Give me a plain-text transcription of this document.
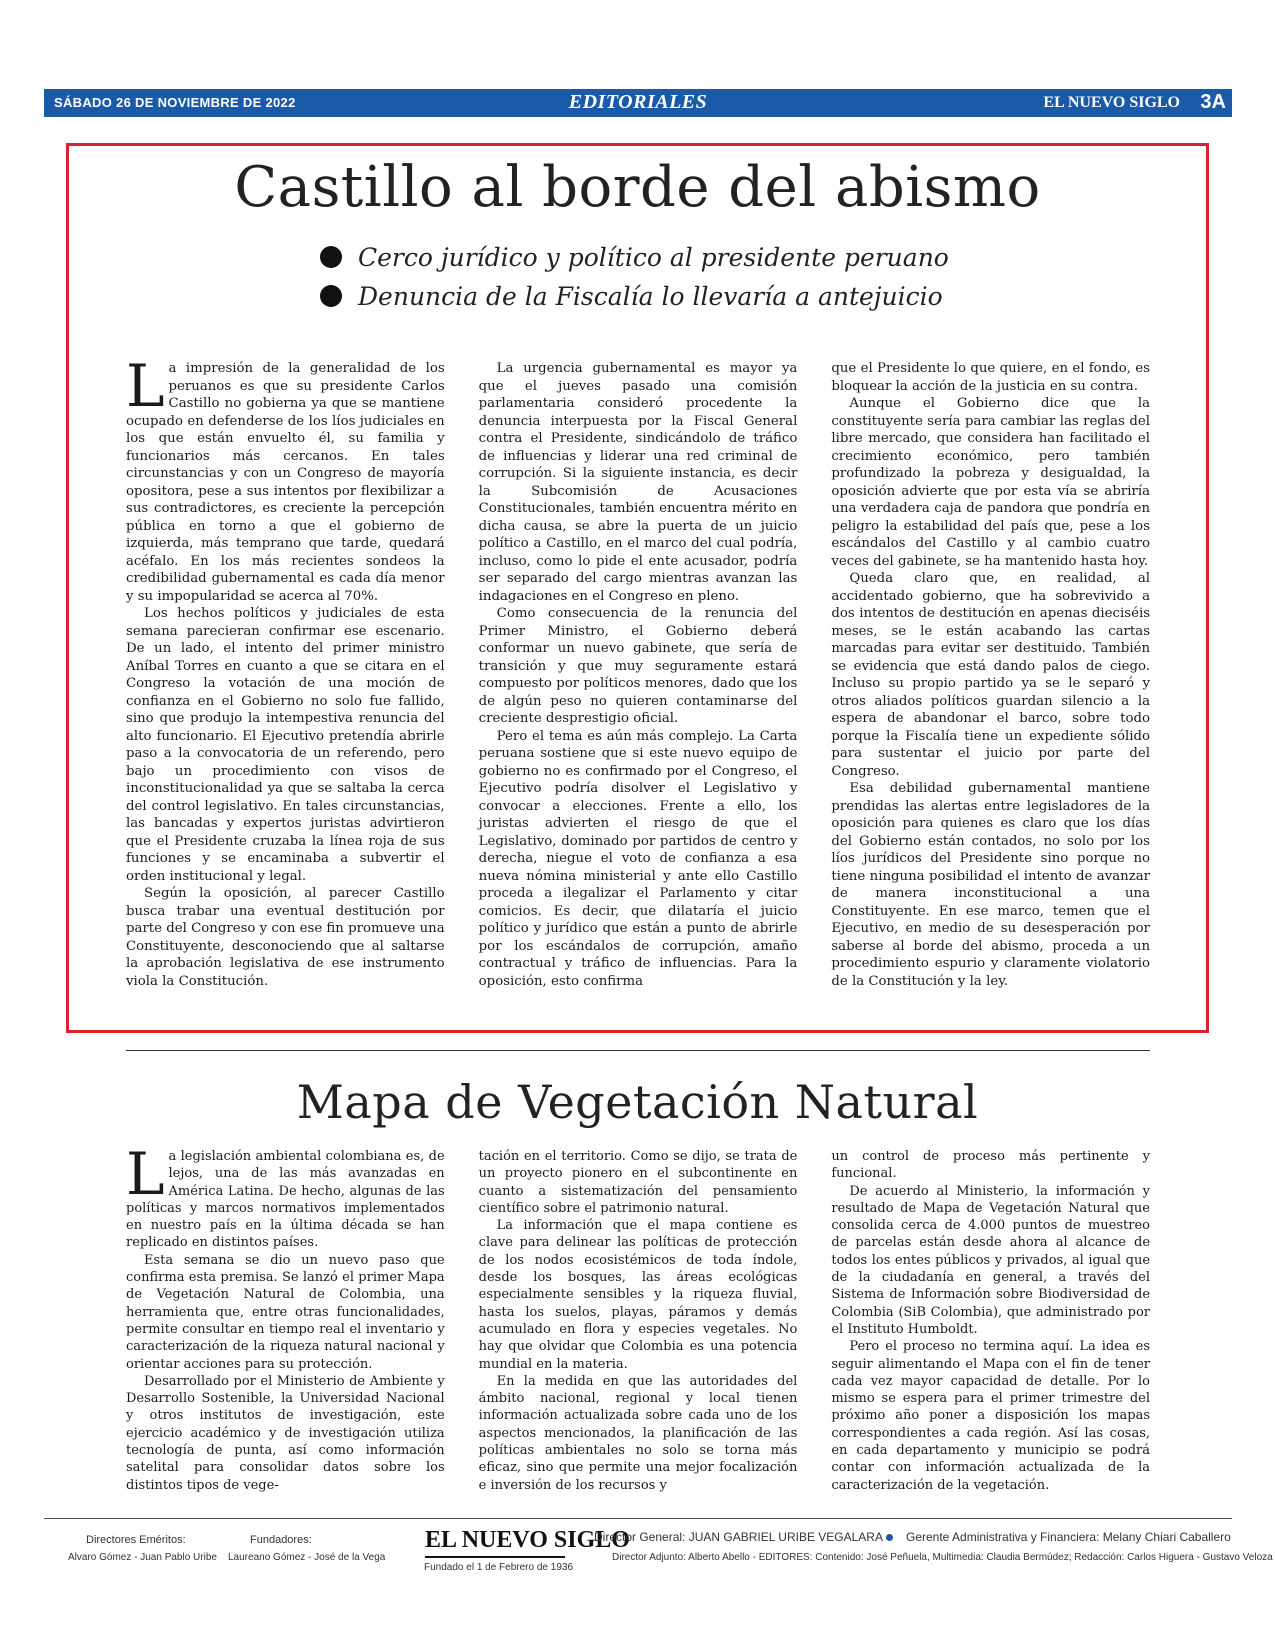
SÁBADO 26 DE NOVIEMBRE DE 2022	EDITORIALES	EL NUEVO SIGLO 3A
Castillo al borde del abismo
Cerco jurídico y político al presidente peruano
Denuncia de la Fiscalía lo llevaría a antejuicio

La impresión de la generalidad de los peruanos es que su presidente Carlos Castillo no gobierna ya que se mantiene ocupado en defenderse de los líos judiciales en los que están envuelto él, su familia y funcionarios más cercanos. En tales circunstancias y con un Congreso de mayoría opositora, pese a sus intentos por flexibilizar a sus contradictores, es creciente la percepción pública en torno a que el gobierno de izquierda, más temprano que tarde, quedará acéfalo. En los más recientes sondeos la credibilidad gubernamental es cada día menor y su impopularidad se acerca al 70%.

Los hechos políticos y judiciales de esta semana parecieran confirmar ese escenario. De un lado, el intento del primer ministro Aníbal Torres en cuanto a que se citara en el Congreso la votación de una moción de confianza en el Gobierno no solo fue fallido, sino que produjo la intempestiva renuncia del alto funcionario. El Ejecutivo pretendía abrirle paso a la convocatoria de un referendo, pero bajo un procedimiento con visos de inconstitucionalidad ya que se saltaba la cerca del control legislativo. En tales circunstancias, las bancadas y expertos juristas advirtieron que el Presidente cruzaba la línea roja de sus funciones y se encaminaba a subvertir el orden institucional y legal.

Según la oposición, al parecer Castillo busca trabar una eventual destitución por parte del Congreso y con ese fin promueve una Constituyente, desconociendo que al saltarse la aprobación legislativa de ese instrumento viola la Constitución.

La urgencia gubernamental es mayor ya que el jueves pasado una comisión parlamentaria consideró procedente la denuncia interpuesta por la Fiscal General contra el Presidente, sindicándolo de tráfico de influencias y liderar una red criminal de corrupción. Si la siguiente instancia, es decir la Subcomisión de Acusaciones Constitucionales, también encuentra mérito en dicha causa, se abre la puerta de un juicio político a Castillo, en el marco del cual podría, incluso, como lo pide el ente acusador, podría ser separado del cargo mientras avanzan las indagaciones en el Congreso en pleno.

Como consecuencia de la renuncia del Primer Ministro, el Gobierno deberá conformar un nuevo gabinete, que sería de transición y que muy seguramente estará compuesto por políticos menores, dado que los de algún peso no quieren contaminarse del creciente desprestigio oficial.

Pero el tema es aún más complejo. La Carta peruana sostiene que si este nuevo equipo de gobierno no es confirmado por el Congreso, el Ejecutivo podría disolver el Legislativo y convocar a elecciones. Frente a ello, los juristas advierten el riesgo de que el Legislativo, dominado por partidos de centro y derecha, niegue el voto de confianza a esa nueva nómina ministerial y ante ello Castillo proceda a ilegalizar el Parlamento y citar comicios. Es decir, que dilataría el juicio político y jurídico que están a punto de abrirle por los escándalos de corrupción, amaño contractual y tráfico de influencias. Para la oposición, esto confirma

que el Presidente lo que quiere, en el fondo, es bloquear la acción de la justicia en su contra.

Aunque el Gobierno dice que la constituyente sería para cambiar las reglas del libre mercado, que considera han facilitado el crecimiento económico, pero también profundizado la pobreza y desigualdad, la oposición advierte que por esta vía se abriría una verdadera caja de pandora que pondría en peligro la estabilidad del país que, pese a los escándalos del Castillo y al cambio cuatro veces del gabinete, se ha mantenido hasta hoy.

Queda claro que, en realidad, al accidentado gobierno, que ha sobrevivido a dos intentos de destitución en apenas dieciséis meses, se le están acabando las cartas marcadas para evitar ser destituido. También se evidencia que está dando palos de ciego. Incluso su propio partido ya se le separó y otros aliados políticos guardan silencio a la espera de abandonar el barco, sobre todo porque la Fiscalía tiene un expediente sólido para sustentar el juicio por parte del Congreso.

Esa debilidad gubernamental mantiene prendidas las alertas entre legisladores de la oposición para quienes es claro que los días del Gobierno están contados, no solo por los líos jurídicos del Presidente sino porque no tiene ninguna posibilidad el intento de avanzar de manera inconstitucional a una Constituyente. En ese marco, temen que el Ejecutivo, en medio de su desesperación por saberse al borde del abismo, proceda a un procedimiento espurio y claramente violatorio de la Constitución y la ley.

Mapa de Vegetación Natural

La legislación ambiental colombiana es, de lejos, una de las más avanzadas en América Latina. De hecho, algunas de las políticas y marcos normativos implementados en nuestro país en la última década se han replicado en distintos países.

Esta semana se dio un nuevo paso que confirma esta premisa. Se lanzó el primer Mapa de Vegetación Natural de Colombia, una herramienta que, entre otras funcionalidades, permite consultar en tiempo real el inventario y caracterización de la riqueza natural nacional y orientar acciones para su protección.

Desarrollado por el Ministerio de Ambiente y Desarrollo Sostenible, la Universidad Nacional y otros institutos de investigación, este ejercicio académico y de investigación utiliza tecnología de punta, así como información satelital para consolidar datos sobre los distintos tipos de vege-

tación en el territorio. Como se dijo, se trata de un proyecto pionero en el subcontinente en cuanto a sistematización del pensamiento científico sobre el patrimonio natural.

La información que el mapa contiene es clave para delinear las políticas de protección de los nodos ecosistémicos de toda índole, desde los bosques, las áreas ecológicas especialmente sensibles y la riqueza fluvial, hasta los suelos, playas, páramos y demás acumulado en flora y especies vegetales. No hay que olvidar que Colombia es una potencia mundial en la materia.

En la medida en que las autoridades del ámbito nacional, regional y local tienen información actualizada sobre cada uno de los aspectos mencionados, la planificación de las políticas ambientales no solo se torna más eficaz, sino que permite una mejor focalización e inversión de los recursos y

un control de proceso más pertinente y funcional.

De acuerdo al Ministerio, la información y resultado de Mapa de Vegetación Natural que consolida cerca de 4.000 puntos de muestreo de parcelas están desde ahora al alcance de todos los entes públicos y privados, al igual que de la ciudadanía en general, a través del Sistema de Información sobre Biodiversidad de Colombia (SiB Colombia), que administrado por el Instituto Humboldt.

Pero el proceso no termina aquí. La idea es seguir alimentando el Mapa con el fin de tener cada vez mayor capacidad de detalle. Por lo mismo se espera para el primer trimestre del próximo año poner a disposición los mapas correspondientes a cada región. Así las cosas, en cada departamento y municipio se podrá contar con información actualizada de la caracterización de la vegetación.

Directores Eméritos:
Alvaro Gómez - Juan Pablo Uribe
Fundadores:
Laureano Gómez - José de la Vega
EL NUEVO SIGLO
Fundado el 1 de Febrero de 1936
Director General: JUAN GABRIEL URIBE VEGALARA Gerente Administrativa y Financiera: Melany Chiari Caballero
Director Adjunto: Alberto Abello - EDITORES: Contenido: José Peñuela, Multimedia: Claudia Bermúdez; Redacción: Carlos Higuera - Gustavo Veloza
